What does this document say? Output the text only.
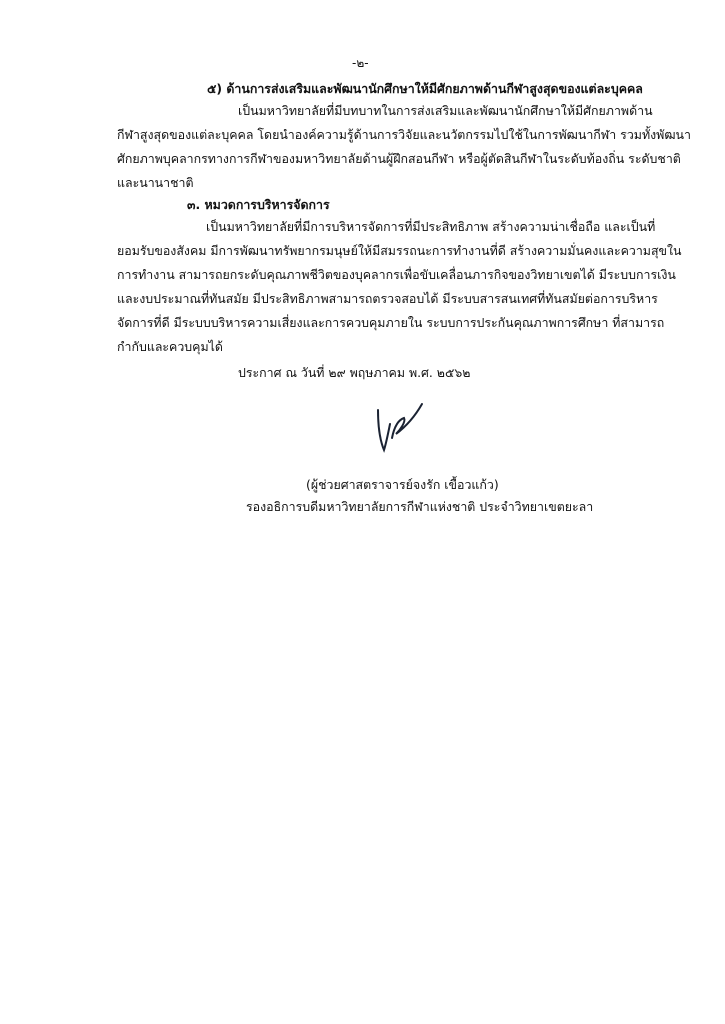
-๒-
๕) ด้านการส่งเสริมและพัฒนานักศึกษาให้มีศักยภาพด้านกีฬาสูงสุดของแต่ละบุคคล
เป็นมหาวิทยาลัยที่มีบทบาทในการส่งเสริมและพัฒนานักศึกษาให้มีศักยภาพด้าน
กีฬาสูงสุดของแต่ละบุคคล โดยนำองค์ความรู้ด้านการวิจัยและนวัตกรรมไปใช้ในการพัฒนากีฬา รวมทั้งพัฒนา
ศักยภาพบุคลากรทางการกีฬาของมหาวิทยาลัยด้านผู้ฝึกสอนกีฬา หรือผู้ตัดสินกีฬาในระดับท้องถิ่น ระดับชาติ
และนานาชาติ
๓. หมวดการบริหารจัดการ
เป็นมหาวิทยาลัยที่มีการบริหารจัดการที่มีประสิทธิภาพ สร้างความน่าเชื่อถือ และเป็นที่
ยอมรับของสังคม มีการพัฒนาทรัพยากรมนุษย์ให้มีสมรรถนะการทำงานที่ดี สร้างความมั่นคงและความสุขใน
การทำงาน สามารถยกระดับคุณภาพชีวิตของบุคลากรเพื่อขับเคลื่อนภารกิจของวิทยาเขตได้ มีระบบการเงิน
และงบประมาณที่ทันสมัย มีประสิทธิภาพสามารถตรวจสอบได้ มีระบบสารสนเทศที่ทันสมัยต่อการบริหาร
จัดการที่ดี มีระบบบริหารความเสี่ยงและการควบคุมภายใน ระบบการประกันคุณภาพการศึกษา ที่สามารถ
กำกับและควบคุมได้
ประกาศ ณ วันที่ ๒๙ พฤษภาคม พ.ศ. ๒๕๖๒
(ผู้ช่วยศาสตราจารย์จงรัก เขื้อวแก้ว)
รองอธิการบดีมหาวิทยาลัยการกีฬาแห่งชาติ ประจำวิทยาเขตยะลา
